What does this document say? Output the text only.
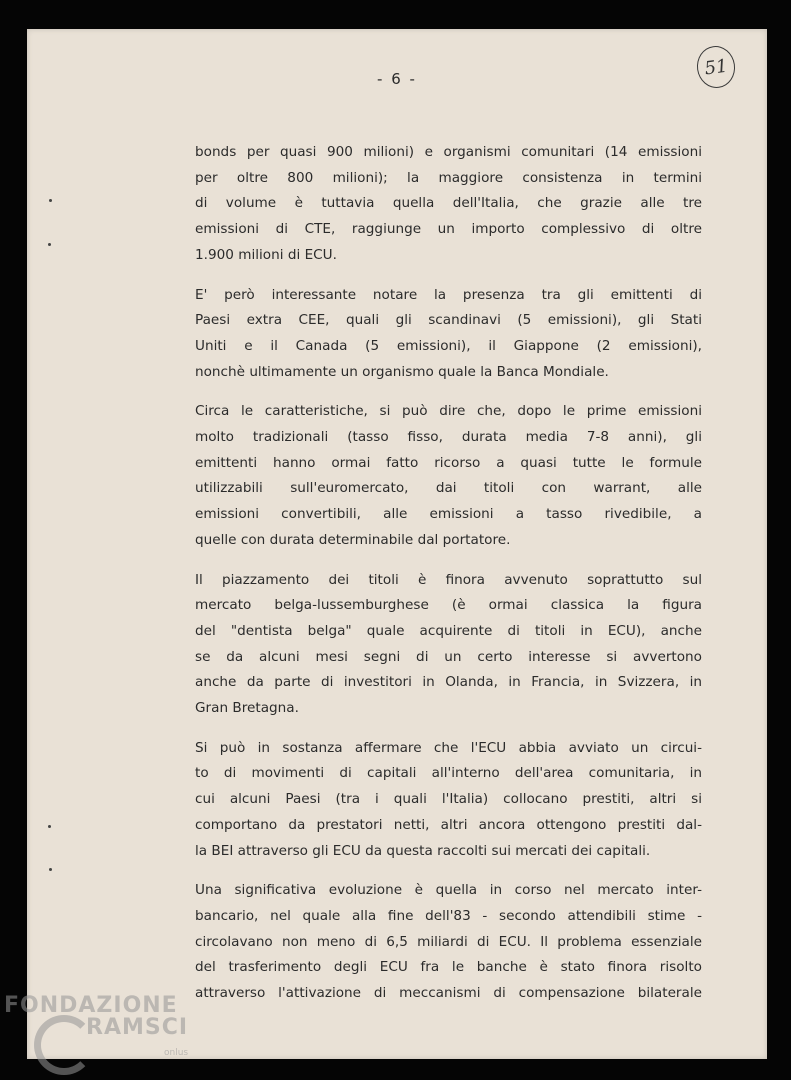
- 6 -
51
bonds per quasi 900 milioni) e organismi comunitari (14 emissioni
per oltre 800 milioni); la maggiore consistenza in termini
di volume è tuttavia quella dell'Italia, che grazie alle tre
emissioni di CTE, raggiunge un importo complessivo di oltre
1.900 milioni di ECU.
E' però interessante notare la presenza tra gli emittenti di
Paesi extra CEE, quali gli scandinavi (5 emissioni), gli Stati
Uniti e il Canada (5 emissioni), il Giappone (2 emissioni),
nonchè ultimamente un organismo quale la Banca Mondiale.
Circa le caratteristiche, si può dire che, dopo le prime emissioni
molto tradizionali (tasso fisso, durata media 7-8 anni), gli
emittenti hanno ormai fatto ricorso a quasi tutte le formule
utilizzabili sull'euromercato, dai titoli con warrant, alle
emissioni convertibili, alle emissioni a tasso rivedibile, a
quelle con durata determinabile dal portatore.
Il piazzamento dei titoli è finora avvenuto soprattutto sul
mercato belga-lussemburghese (è ormai classica la figura
del "dentista belga" quale acquirente di titoli in ECU), anche
se da alcuni mesi segni di un certo interesse si avvertono
anche da parte di investitori in Olanda, in Francia, in Svizzera, in
Gran Bretagna.
Si può in sostanza affermare che l'ECU abbia avviato un circui-
to di movimenti di capitali all'interno dell'area comunitaria, in
cui alcuni Paesi (tra i quali l'Italia) collocano prestiti, altri si
comportano da prestatori netti, altri ancora ottengono prestiti dal-
la BEI attraverso gli ECU da questa raccolti sui mercati dei capitali.
Una significativa evoluzione è quella in corso nel mercato inter-
bancario, nel quale alla fine dell'83 - secondo attendibili stime -
circolavano non meno di 6,5 miliardi di ECU. Il problema essenziale
del trasferimento degli ECU fra le banche è stato finora risolto
attraverso l'attivazione di meccanismi di compensazione bilaterale
FONDAZIONE
RAMSCI
onlus
